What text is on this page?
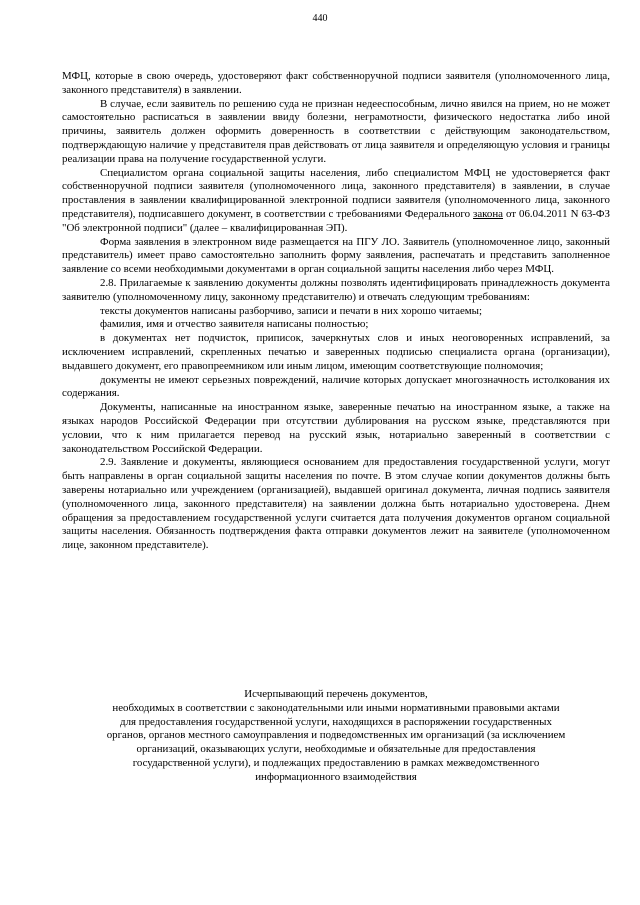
440

МФЦ, которые в свою очередь, удостоверяют факт собственноручной подписи заявителя (уполномоченного лица, законного представителя) в заявлении.

В случае, если заявитель по решению суда не признан недееспособным, лично явился на прием, но не может самостоятельно расписаться в заявлении ввиду болезни, неграмотности, физического недостатка либо иной причины, заявитель должен оформить доверенность в соответствии с действующим законодательством, подтверждающую наличие у представителя прав действовать от лица заявителя и определяющую условия и границы реализации права на получение государственной услуги.

Специалистом органа социальной защиты населения, либо специалистом МФЦ не удостоверяется факт собственноручной подписи заявителя (уполномоченного лица, законного представителя) в заявлении, в случае проставления в заявлении квалифицированной электронной подписи заявителя (уполномоченного лица, законного представителя), подписавшего документ, в соответствии с требованиями Федерального закона от 06.04.2011 N 63-ФЗ "Об электронной подписи" (далее – квалифицированная ЭП).

Форма заявления в электронном виде размещается на ПГУ ЛО. Заявитель (уполномоченное лицо, законный представитель) имеет право самостоятельно заполнить форму заявления, распечатать и представить заполненное заявление со всеми необходимыми документами в орган социальной защиты населения либо через МФЦ.

2.8. Прилагаемые к заявлению документы должны позволять идентифицировать принадлежность документа заявителю (уполномоченному лицу, законному представителю) и отвечать следующим требованиям:

тексты документов написаны разборчиво, записи и печати в них хорошо читаемы;

фамилия, имя и отчество заявителя написаны полностью;

в документах нет подчисток, приписок, зачеркнутых слов и иных неоговоренных исправлений, за исключением исправлений, скрепленных печатью и заверенных подписью специалиста органа (организации), выдавшего документ, его правопреемником или иным лицом, имеющим соответствующие полномочия;

документы не имеют серьезных повреждений, наличие которых допускает многозначность истолкования их содержания.

Документы, написанные на иностранном языке, заверенные печатью на иностранном языке, а также на языках народов Российской Федерации при отсутствии дублирования на русском языке, представляются при условии, что к ним прилагается перевод на русский язык, нотариально заверенный в соответствии с законодательством Российской Федерации.

2.9. Заявление и документы, являющиеся основанием для предоставления государственной услуги, могут быть направлены в орган социальной защиты населения по почте. В этом случае копии документов должны быть заверены нотариально или учреждением (организацией), выдавшей оригинал документа, личная подпись заявителя (уполномоченного лица, законного представителя) на заявлении должна быть нотариально удостоверена. Днем обращения за предоставлением государственной услуги считается дата получения документов органом социальной защиты населения. Обязанность подтверждения факта отправки документов лежит на заявителе (уполномоченном лице, законном представителе).

Исчерпывающий перечень документов,
необходимых в соответствии с законодательными или иными нормативными правовыми актами
для предоставления государственной услуги, находящихся в распоряжении государственных
органов, органов местного самоуправления и подведомственных им организаций (за исключением
организаций, оказывающих услуги, необходимые и обязательные для предоставления
государственной услуги), и подлежащих предоставлению в рамках межведомственного
информационного взаимодействия
